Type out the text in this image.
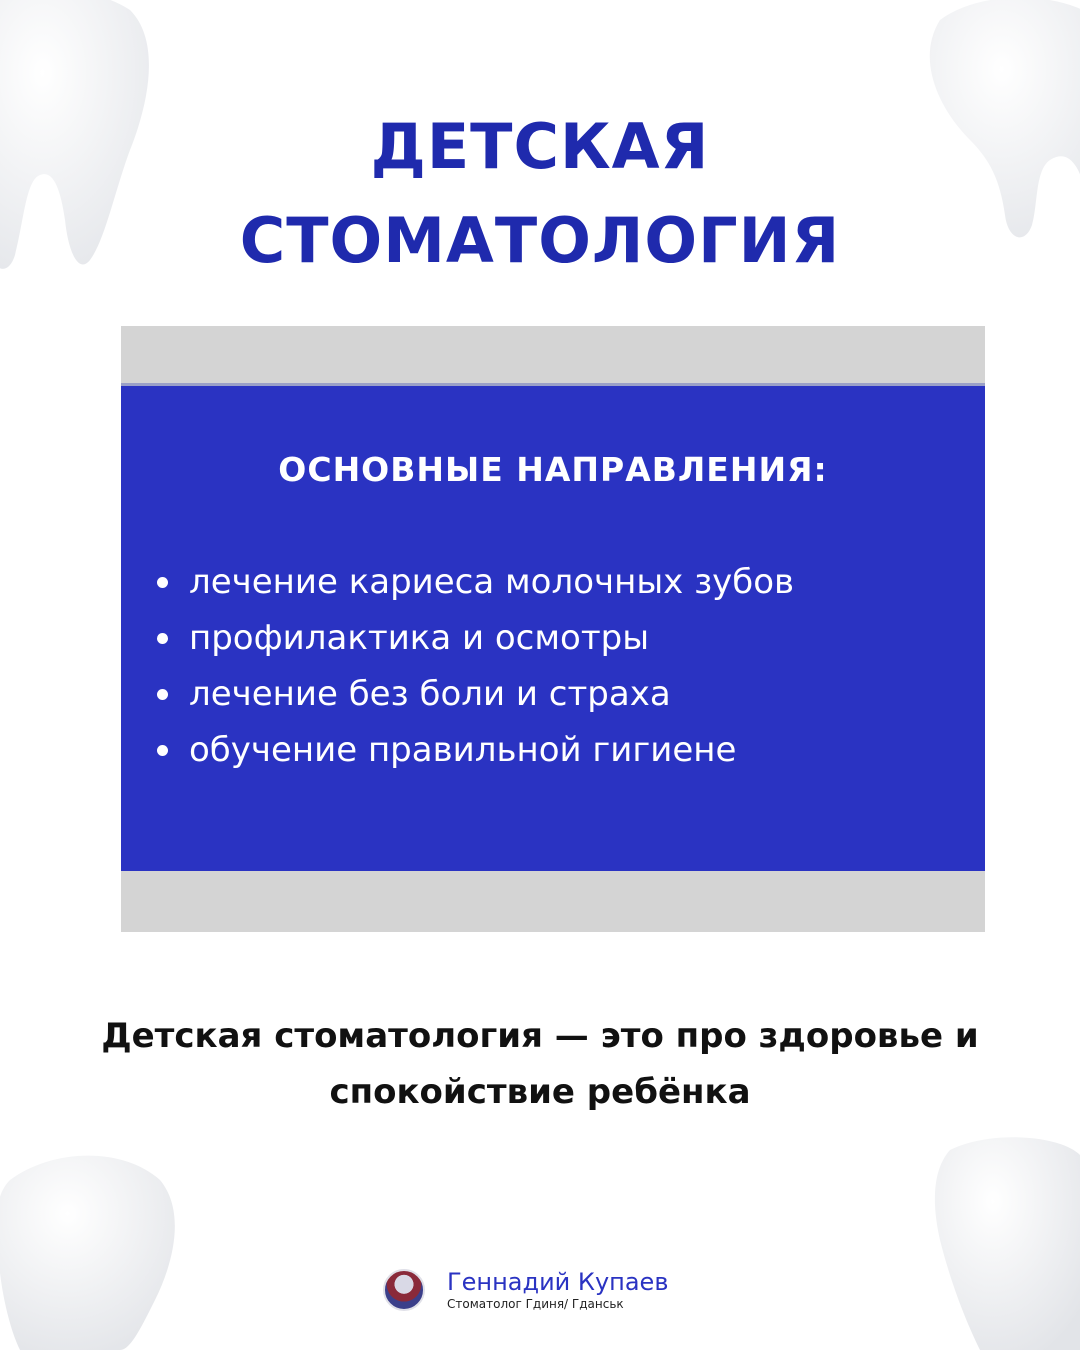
ДЕТСКАЯ
СТОМАТОЛОГИЯ
ОСНОВНЫЕ НАПРАВЛЕНИЯ:
лечение кариеса молочных зубов
профилактика и осмотры
лечение без боли и страха
обучение правильной гигиене
Детская стоматология — это про здоровье и
спокойствие ребёнка
Геннадий Купаев
Стоматолог Гдиня/ Гданськ
